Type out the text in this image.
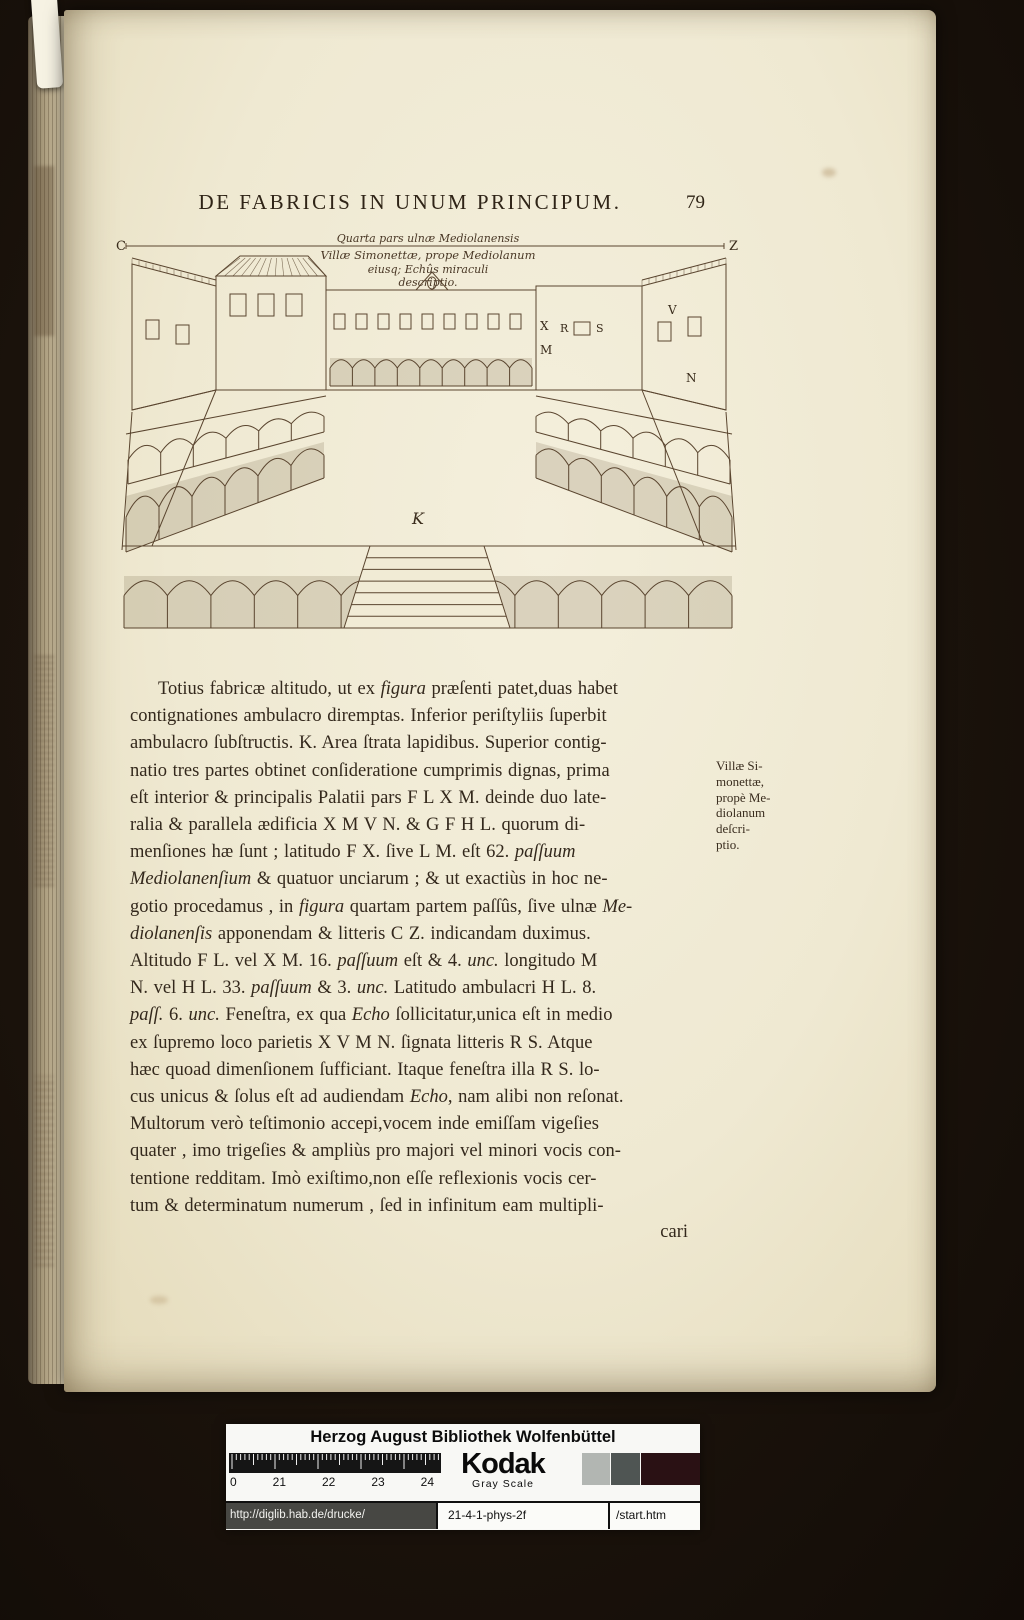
DE FABRICIS IN UNUM PRINCIPUM.	79
C	Z
X
M
R	S
V
N
K
Quarta pars ulnæ Mediolanensis
Villæ Simonettæ, prope Mediolanum
eiusq; Echûs miraculi
descriptio.
Totius fabricæ altitudo, ut ex figura præſenti patet,duas habet
contignationes ambulacro diremptas. Inferior periſtyliis ſuperbit
ambulacro ſubſtructis. K. Area ſtrata lapidibus. Superior contig-
natio tres partes obtinet conſideratione cumprimis dignas, prima
eſt interior & principalis Palatii pars F L X M. deinde duo late-
ralia & parallela ædificia X M V N. & G F H L. quorum di-
menſiones hæ ſunt ; latitudo F X. ſive L M. eſt 62. paſſuum
Mediolanenſium & quatuor unciarum ; & ut exactiùs in hoc ne-
gotio procedamus , in figura quartam partem paſſûs, ſive ulnæ Me-
diolanenſis apponendam & litteris C Z. indicandam duximus.
Altitudo F L. vel X M. 16. paſſuum eſt & 4. unc. longitudo M
N. vel H L. 33. paſſuum & 3. unc. Latitudo ambulacri H L. 8.
paſſ. 6. unc. Feneſtra, ex qua Echo ſollicitatur,unica eſt in medio
ex ſupremo loco parietis X V M N. ſignata litteris R S. Atque
hæc quoad dimenſionem ſufficiant. Itaque feneſtra illa R S. lo-
cus unicus & ſolus eſt ad audiendam Echo, nam alibi non reſonat.
Multorum verò teſtimonio accepi,vocem inde emiſſam vigeſies
quater , imo trigeſies & ampliùs pro majori vel minori vocis con-
tentione redditam. Imò exiſtimo,non eſſe reflexionis vocis cer-
tum & determinatum numerum , ſed in infinitum eam multipli-
cari
Villæ Si-
monettæ,
propè Me-
diolanum
deſcri-
ptio.
Herzog August Bibliothek Wolfenbüttel
0	21	22	23	24
Kodak
Gray Scale
http://diglib.hab.de/drucke/	21-4-1-phys-2f	/start.htm
